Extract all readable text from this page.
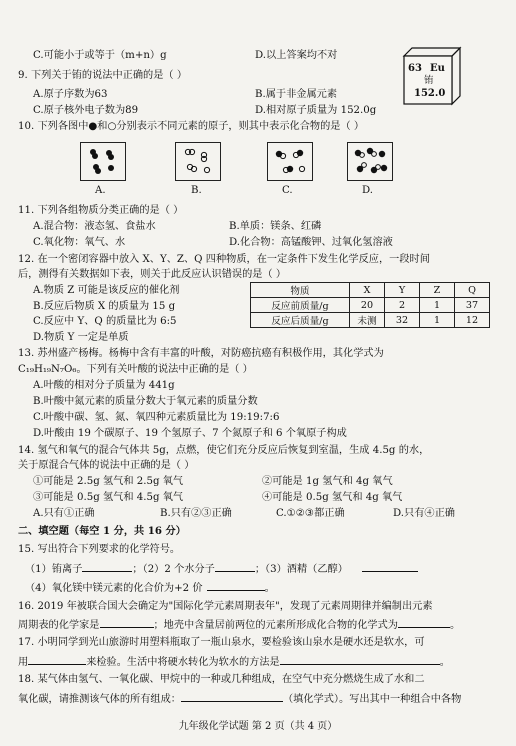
C.可能小于或等于（m+n）g	D.以上答案均不对
9. 下列关于铕的说法中正确的是（ ）
A.原子序数为63	B.属于非金属元素
C.原子核外电子数为89	D.相对原子质量为 152.0g
63 Eu
铕
152.0
10. 下列各图中●和○分别表示不同元素的原子，则其中表示化合物的是（ ）
A.	B.	C.	D.
11. 下列各组物质分类正确的是（ ）
A.混合物：液态氢、食盐水	B.单质：镁条、红磷
C.氧化物：氧气、水	D.化合物：高锰酸钾、过氧化氢溶液
12. 在一个密闭容器中放入 X、Y、Z、Q 四种物质，在一定条件下发生化学反应，一段时间
后，测得有关数据如下表，则关于此反应认识错误的是（ ）
A.物质 Z 可能是该反应的催化剂
B.反应后物质 X 的质量为 15 g
C.反应中 Y、Q 的质量比为 6:5
D.物质 Y 一定是单质
物质	X	Y	Z	Q
反应前质量/g	20	2	1	37
反应后质量/g	未测	32	1	12
13. 苏州盛产杨梅。杨梅中含有丰富的叶酸，对防癌抗癌有积极作用，其化学式为
C₁₉H₁₉N₇O₆。下列有关叶酸的说法中正确的是（ ）
A.叶酸的相对分子质量为 441g
B.叶酸中氮元素的质量分数大于氧元素的质量分数
C.叶酸中碳、氢、氮、氧四种元素质量比为 19:19:7:6
D.叶酸由 19 个碳原子、19 个氢原子、7 个氮原子和 6 个氧原子构成
14. 氢气和氧气的混合气体共 5g，点燃，使它们充分反应后恢复到室温，生成 4.5g 的水，
关于原混合气体的说法中正确的是（ ）
①可能是 2.5g 氢气和 2.5g 氧气	②可能是 1g 氢气和 4g 氧气
③可能是 0.5g 氢气和 4.5g 氧气	④可能是 0.5g 氢气和 4g 氧气
A.只有①正确	B.只有②③正确	C.①②③都正确	D.只有④正确
二、填空题（每空 1 分，共 16 分）
15. 写出符合下列要求的化学符号。
（1）铕离子	；（2）2 个水分子	；（3）酒精（乙醇）
（4）氧化镁中镁元素的化合价为+2 价	。
16. 2019 年被联合国大会确定为"国际化学元素周期表年"，发现了元素周期律并编制出元素
周期表的化学家是	；地壳中含量居前两位的元素所形成化合物的化学式为	。
17. 小明同学到光山旅游时用塑料瓶取了一瓶山泉水，要检验该山泉水是硬水还是软水，可
用	来检验。生活中将硬水转化为软水的方法是	。
18. 某气体由氢气、一氧化碳、甲烷中的一种或几种组成，在空气中充分燃烧生成了水和二
氧化碳，请推测该气体的所有组成：	（填化学式）。写出其中一种组合中各物
九年级化学试题 第 2 页（共 4 页）
